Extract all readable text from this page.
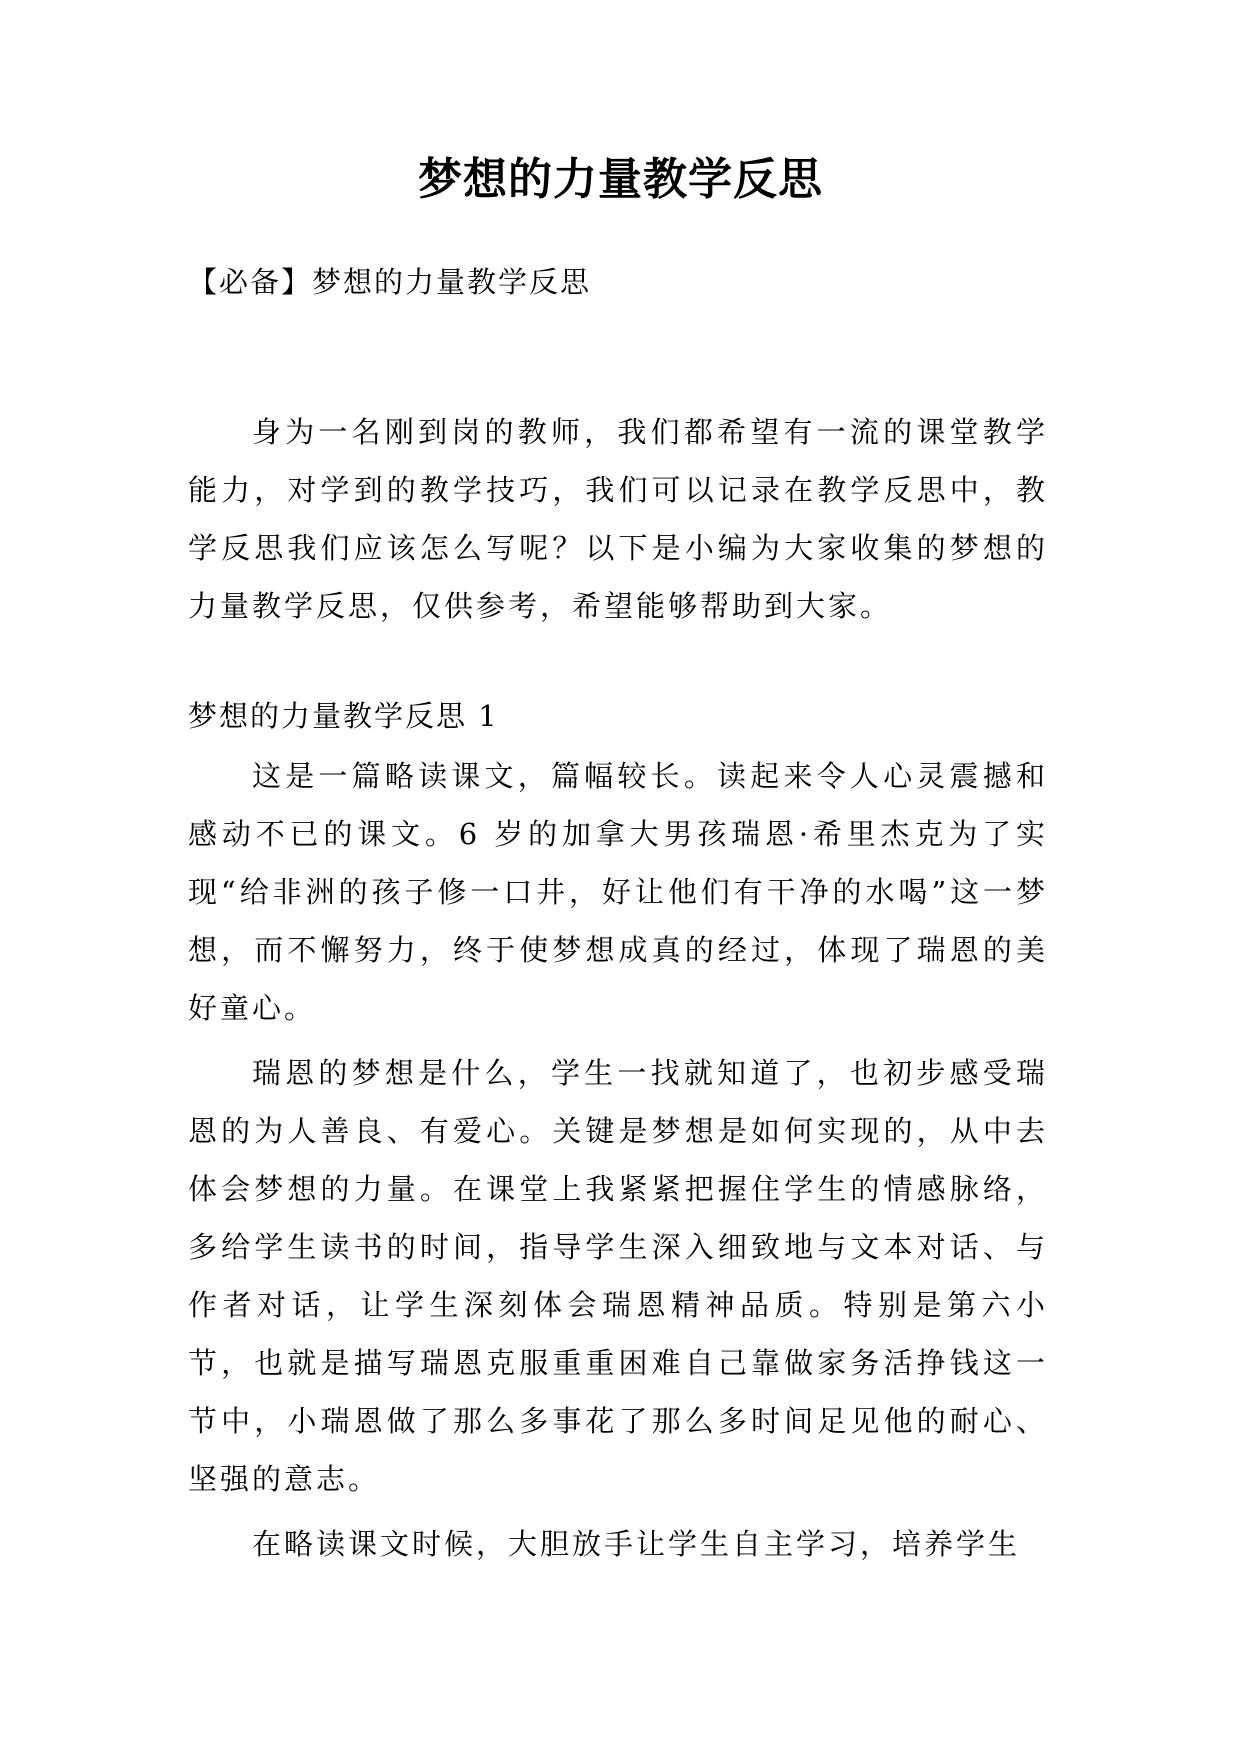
梦想的力量教学反思

【必备】梦想的力量教学反思

身为一名刚到岗的教师，我们都希望有一流的课堂教学能力，对学到的教学技巧，我们可以记录在教学反思中，教学反思我们应该怎么写呢？以下是小编为大家收集的梦想的力量教学反思，仅供参考，希望能够帮助到大家。

梦想的力量教学反思 1

这是一篇略读课文，篇幅较长。读起来令人心灵震撼和感动不已的课文。6 岁的加拿大男孩瑞恩·希里杰克为了实现“给非洲的孩子修一口井，好让他们有干净的水喝”这一梦想，而不懈努力，终于使梦想成真的经过，体现了瑞恩的美好童心。

瑞恩的梦想是什么，学生一找就知道了，也初步感受瑞恩的为人善良、有爱心。关键是梦想是如何实现的，从中去体会梦想的力量。在课堂上我紧紧把握住学生的情感脉络，多给学生读书的时间，指导学生深入细致地与文本对话、与作者对话，让学生深刻体会瑞恩精神品质。特别是第六小节，也就是描写瑞恩克服重重困难自己靠做家务活挣钱这一节中，小瑞恩做了那么多事花了那么多时间足见他的耐心、坚强的意志。

在略读课文时候，大胆放手让学生自主学习，培养学生
